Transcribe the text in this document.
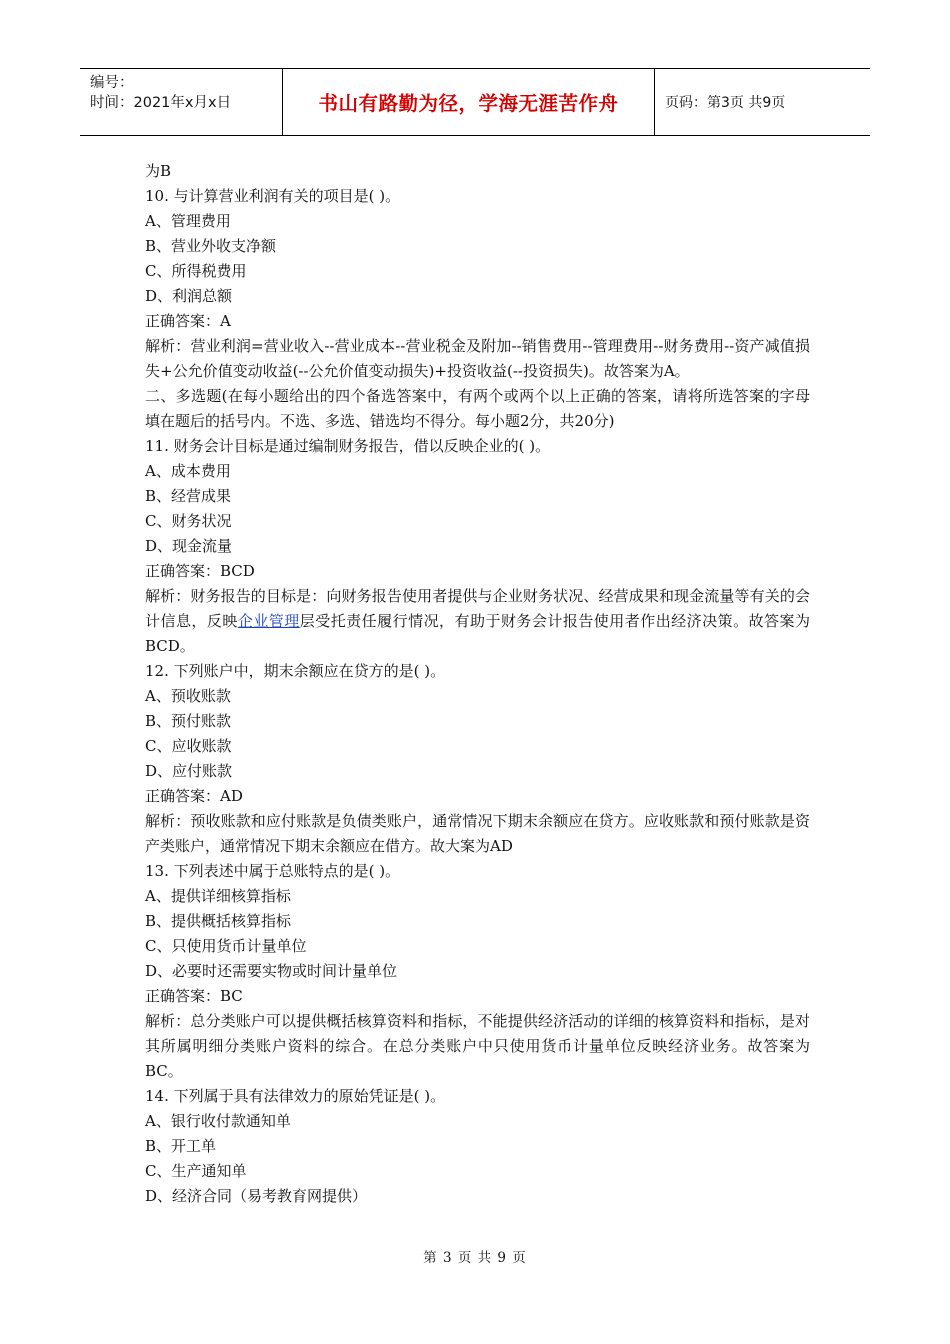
编号：
时间：2021年x月x日	书山有路勤为径，学海无涯苦作舟	页码：第3页 共9页
为B
10. 与计算营业利润有关的项目是( )。
A、管理费用
B、营业外收支净额
C、所得税费用
D、利润总额
正确答案：A
解析：营业利润=营业收入--营业成本--营业税金及附加--销售费用--管理费用--财务费用--资产减值损失+公允价值变动收益(--公允价值变动损失)+投资收益(--投资损失)。故答案为A。
二、多选题(在每小题给出的四个备选答案中，有两个或两个以上正确的答案，请将所选答案的字母填在题后的括号内。不选、多选、错选均不得分。每小题2分，共20分)
11. 财务会计目标是通过编制财务报告，借以反映企业的( )。
A、成本费用
B、经营成果
C、财务状况
D、现金流量
正确答案：BCD
解析：财务报告的目标是：向财务报告使用者提供与企业财务状况、经营成果和现金流量等有关的会计信息，反映企业管理层受托责任履行情况，有助于财务会计报告使用者作出经济决策。故答案为BCD。
12. 下列账户中，期末余额应在贷方的是( )。
A、预收账款
B、预付账款
C、应收账款
D、应付账款
正确答案：AD
解析：预收账款和应付账款是负债类账户，通常情况下期末余额应在贷方。应收账款和预付账款是资产类账户，通常情况下期末余额应在借方。故大案为AD
13. 下列表述中属于总账特点的是( )。
A、提供详细核算指标
B、提供概括核算指标
C、只使用货币计量单位
D、必要时还需要实物或时间计量单位
正确答案：BC
解析：总分类账户可以提供概括核算资料和指标，不能提供经济活动的详细的核算资料和指标，是对其所属明细分类账户资料的综合。在总分类账户中只使用货币计量单位反映经济业务。故答案为BC。
14. 下列属于具有法律效力的原始凭证是( )。
A、银行收付款通知单
B、开工单
C、生产通知单
D、经济合同（易考教育网提供）
第 3 页 共 9 页
